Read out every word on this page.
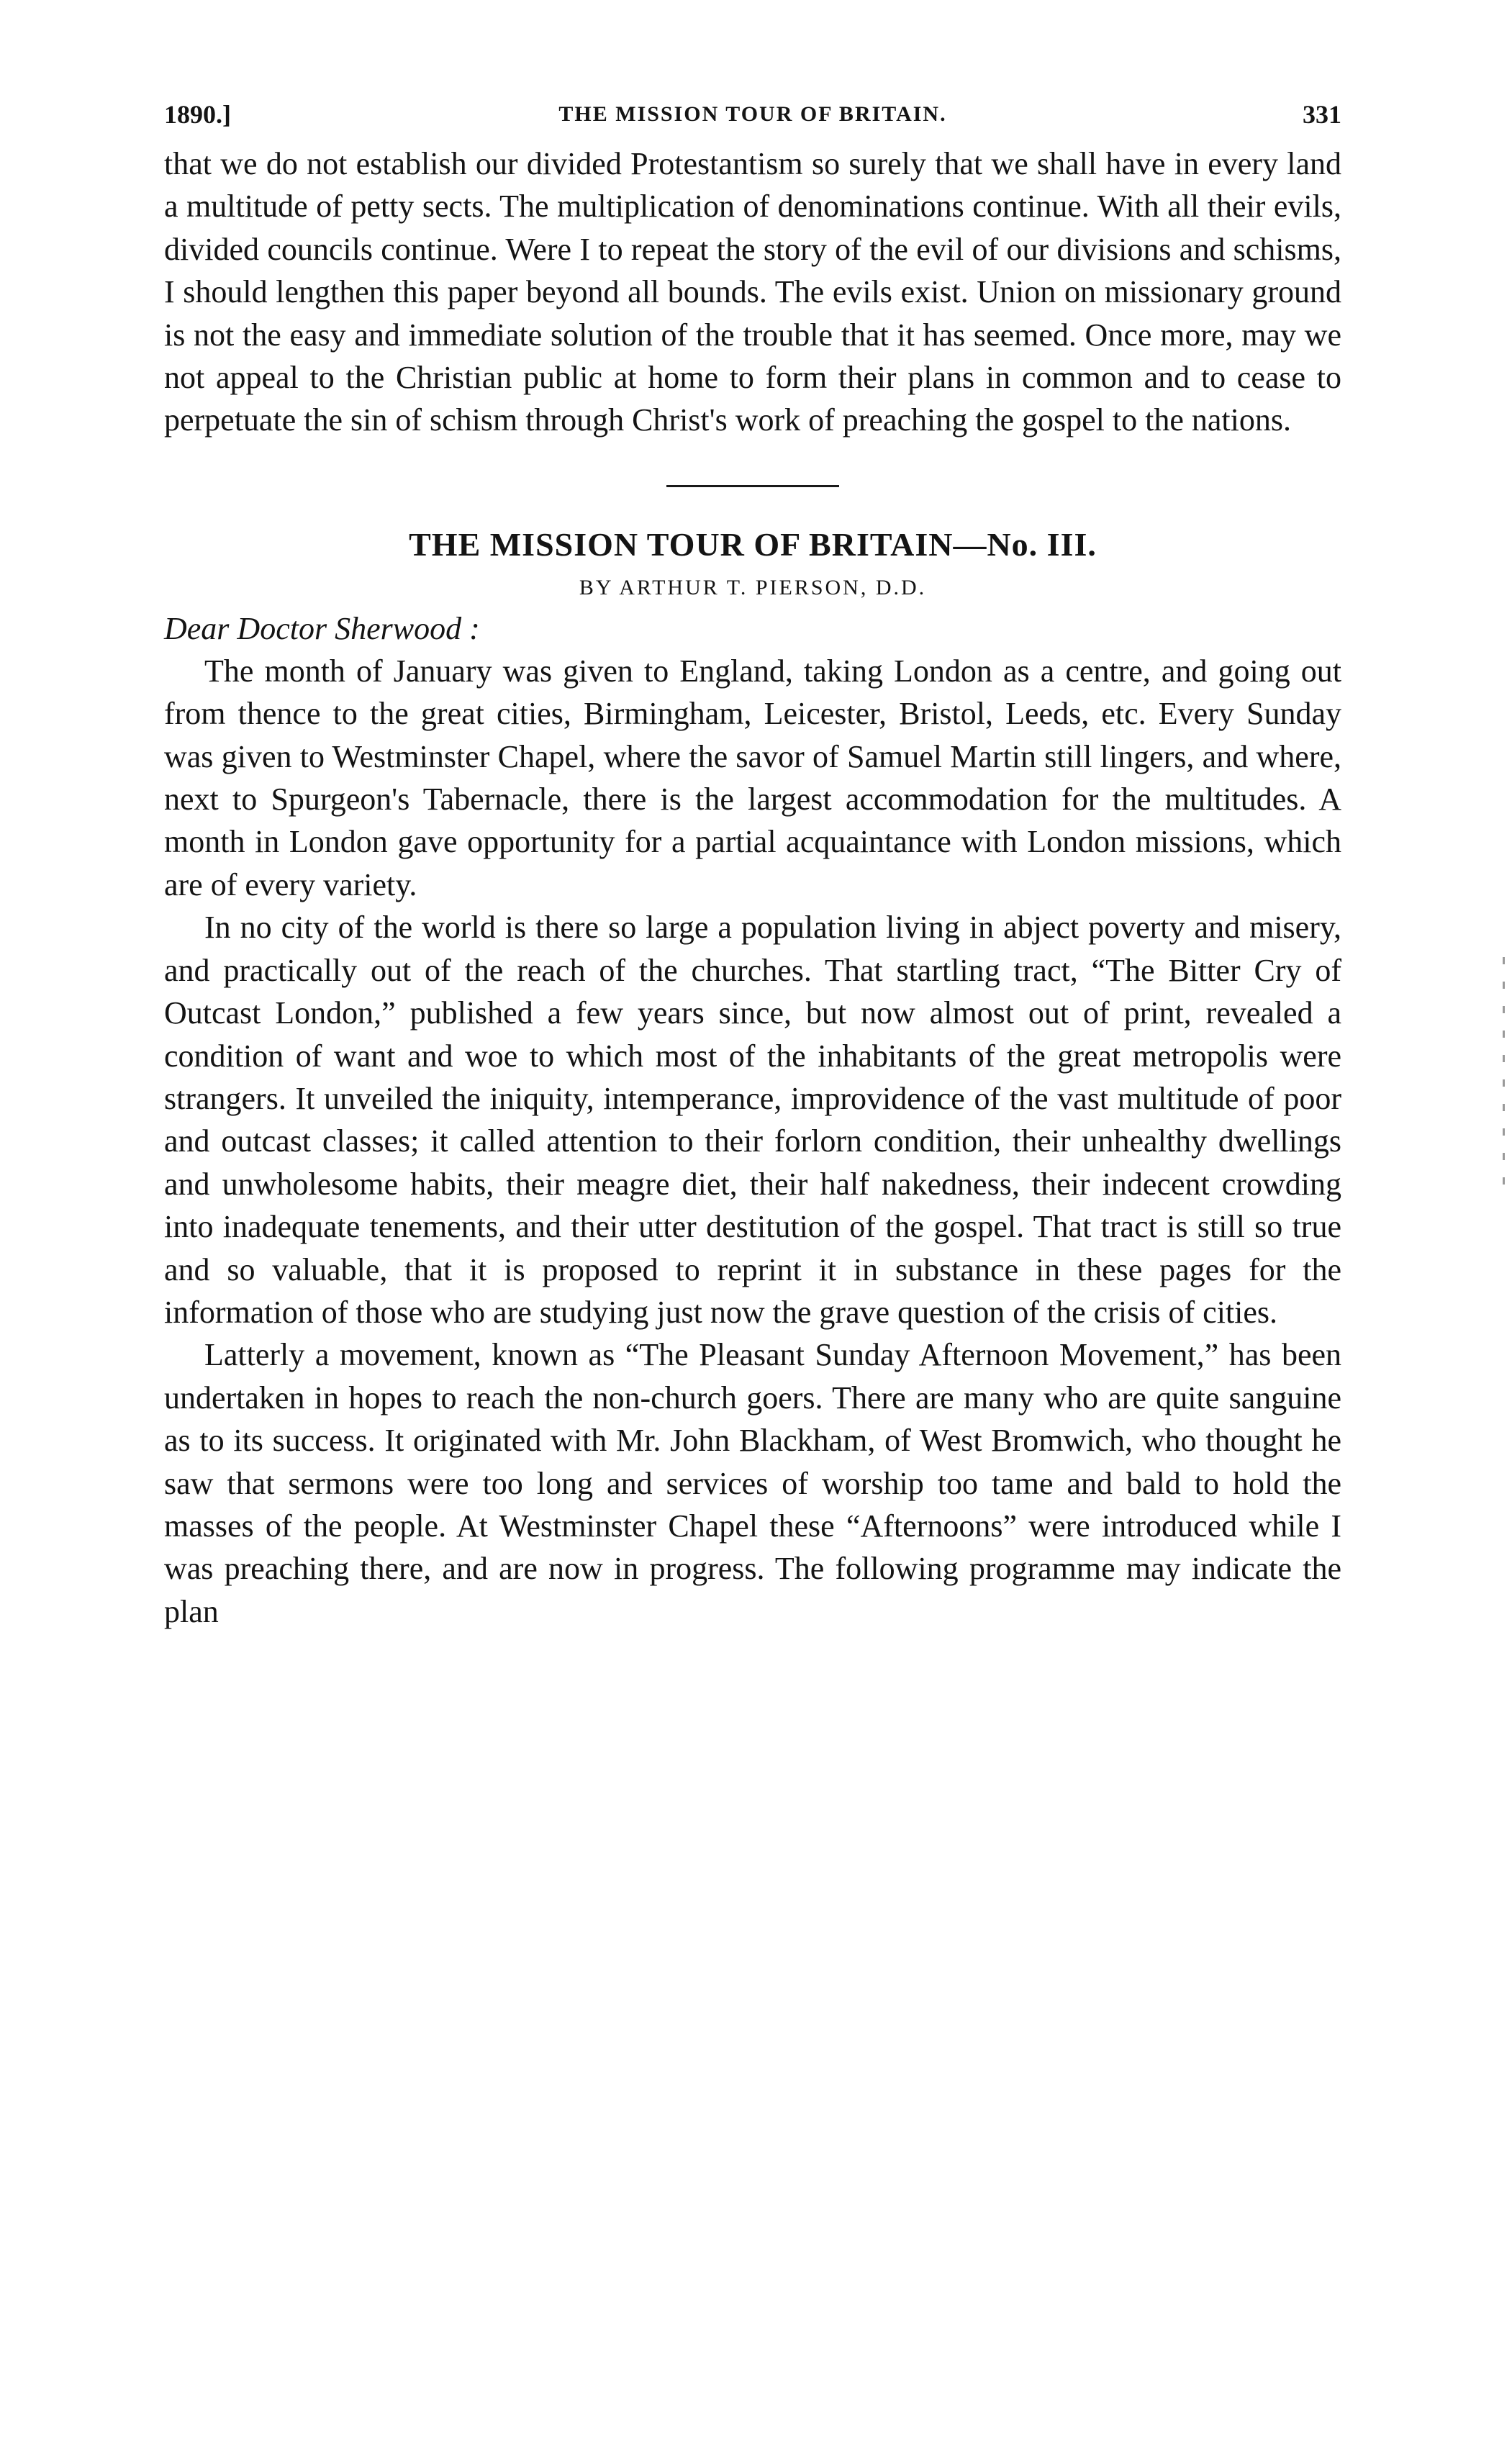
1890.]	THE MISSION TOUR OF BRITAIN.	331

that we do not establish our divided Protestantism so surely that we shall have in every land a multitude of petty sects. The multiplication of denominations continue. With all their evils, divided councils continue. Were I to repeat the story of the evil of our divisions and schisms, I should lengthen this paper beyond all bounds. The evils exist. Union on missionary ground is not the easy and immediate solution of the trouble that it has seemed. Once more, may we not appeal to the Christian public at home to form their plans in common and to cease to perpetuate the sin of schism through Christ's work of preaching the gospel to the nations.

THE MISSION TOUR OF BRITAIN—No. III.
BY ARTHUR T. PIERSON, D.D.
Dear Doctor Sherwood :

The month of January was given to England, taking London as a centre, and going out from thence to the great cities, Birmingham, Leicester, Bristol, Leeds, etc. Every Sunday was given to Westminster Chapel, where the savor of Samuel Martin still lingers, and where, next to Spurgeon's Tabernacle, there is the largest accommodation for the multitudes. A month in London gave opportunity for a partial acquaintance with London missions, which are of every variety.

In no city of the world is there so large a population living in abject poverty and misery, and practically out of the reach of the churches. That startling tract, “The Bitter Cry of Outcast London,” published a few years since, but now almost out of print, revealed a condition of want and woe to which most of the inhabitants of the great metropolis were strangers. It unveiled the iniquity, intemperance, improvidence of the vast multitude of poor and outcast classes; it called attention to their forlorn condition, their unhealthy dwellings and unwholesome habits, their meagre diet, their half nakedness, their indecent crowding into inadequate tenements, and their utter destitution of the gospel. That tract is still so true and so valuable, that it is proposed to reprint it in substance in these pages for the information of those who are studying just now the grave question of the crisis of cities.

Latterly a movement, known as “The Pleasant Sunday Afternoon Movement,” has been undertaken in hopes to reach the non-church goers. There are many who are quite sanguine as to its success. It originated with Mr. John Blackham, of West Bromwich, who thought he saw that sermons were too long and services of worship too tame and bald to hold the masses of the people. At Westminster Chapel these “Afternoons” were introduced while I was preaching there, and are now in progress. The following programme may indicate the plan
